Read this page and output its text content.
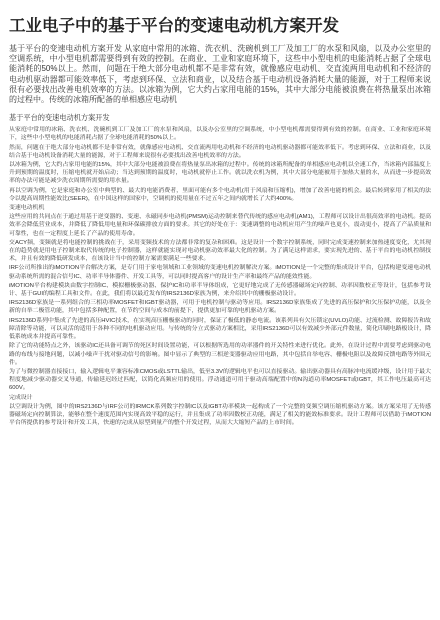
工业电子中的基于平台的变速电动机方案开发

基于平台的变速电动机方案开发 从家庭中常用的冰箱、洗衣机、洗碗机到工厂及加工厂的水泵和风扇，以及办公室里的空调系统，中小型电机都需要得到有效的控制。在商业、工业和家庭环境下，这些中小型电机的电能消耗占据了全球电能消耗的50%以上。然而，问题在于绝大部分电动机都不是非常有效，就像感应电动机、交直流两用电动机和不经济的电动机驱动器都可能效率低下，考虑到环保、立法和商业，以及结合基于电动机设备消耗大量的能源，对于工程师来说很有必要找出改善电机效率的方法。以冰箱为例，它大约占家用电能的15%，其中大部分电能被浪费在将热量泵出冰箱的过程中。传统的冰箱所配备的单相感应电动机

基于平台的变速电动机方案开发

从家庭中常用的冰箱、洗衣机、洗碗机到工厂及加工厂的水泵和风扇，以及办公室里的空调系统，中小型电机都需要得到有效的控制。在商业、工业和家庭环境下，这些中小型电机的电能消耗占据了全球电能消耗的50%以上。

然而，问题在于绝大部分电动机都不是非常有效，就像感应电动机、交直流两用电动机和不经济的电动机驱动器都可能效率低下。考虑到环保、立法和商业，以及结合基于电动机设备消耗大量的能源，对于工程师来说很有必要找出改善电机效率的方法。

以冰箱为例，它大约占家用电能的15%，其中大部分电能被浪费在将热量泵出冰箱的过程中。传统的冰箱所配备的单相感应电动机以全速工作，当冰箱内部温度上升到预期的温度时，压缩电机就开始启动；当达到预期的温度时，电动机就停止工作。就以洗衣机为例，其中大部分电能被用于加热大量的水，从而进一步提高效率的办法可能是减少洗衣周期所需要的用水量。

再以空调为例，它是家庭和办公室中典型的、最大的电能消费者，里面可能有多个电动机(用于风扇和压缩机)，增加了改善电能的机会。最后转到家用了相关的法令以提高周期性能效比(SEER)，在中国这样的国家中，空调机的使用量在不过五年之间内就增长了大约400%。

变速电动机机

这些应用的共同点在于通过用基于逆变器的、变速、永磁同步电动机(PMSM)运动控制来替代传统的感应电动机(AM1)，工程师可以设计出很高效率的电动机。提高效率会降低营业成本，并降低了降低用电量和环保碳排放方面的要求。其它的好处在于：变速调整的电动机应用产生的噪声也更小，震动更小，提高了产品质量和可靠性，也在一定程度上延长了产品的使用寿命。

交ACY频，变频就是将电能控制的挑战在于，采用变频技术的方法都非常的复杂和困难。这是设计一个数字控制系统，同时完成变速控制来加热速度变化，尤其现在的趋势就是用电子控制来取代传统的电子控制器，这样就能实现对电动机驱动效率最大化的控制。为了满足这样需求，要实现先进的、基于平台的电动机控制技术，并且有效的降低研发成本，在该设计当中的控制方案需要满足一些要求。

IRF公司所推出的iMOTION平台解决方案，是专门用于家电领域和工业领域的变速电机控制解决方案。iMOTION是一个完整的集成设计平台，包括构建变速电动机驱动系统所需的混合信号IC、功率半导体器件、开发工具等，可以同时提高客户的设计生产率和最终产品的能效性能。

iMOTION平台构建模块由数字控制IC、模拟栅极驱动器、保护IC和功率半导体组成，它更好地完成了无传感器磁场定向控制、功率因数校正等设计，包括参考设计、基于GUI的编程工具和文件。在此，我们将以最近发布的IRS2136D家族为例，来介绍其中的栅极驱动设计。

IRS2136D家族是一系列组合的三相功率MOSFET和IGBT驱动器，可用于电机控制与驱动等应用。IRS2136D家族集成了先进的高压保护和欠压保护功能，以及全新的自举二极管功能，其中包括多种配置，在节约空间与成本的前提下，提供更加可靠的电机驱动方案。

IRS2136D系列中集成了先进的高压HVIC技术，在实现高压栅极驱动的同时，保证了极低的静态电流。该系列具有欠压锁定(UVLO)功能、过流检测、故障报告和故障清除等功能，可以灵活的适用于各种不同的电机驱动应用。与传统的分立式驱动方案相比，采用IRS2136D可以有效减少外部元件数量，简化印刷电路板设计，降低系统成本并提高可靠性。

除了它的功能特点之外，该驱动IC还具备可调节的死区时间设置功能，可以根据所选用的功率器件的开关特性来进行优化。此外，在设计过程中需要考虑到驱动电路的布线与接地问题，以减小噪声干扰对驱动信号的影响。图中显示了典型的三相逆变器驱动应用电路，其中包括自举电容、栅极电阻以及故障反馈电路等外围元件。

为了与微控制器直接接口，输入逻辑电平兼容标准CMOS或LSTTL输出，低至3.3V的逻辑电平也可以直接驱动。输出驱动器具有高脉冲电流缓冲级，设计用于最大程度地减少驱动器交叉导通，传输延迟经过匹配，以简化高频应用的使用。浮动通道可用于驱动高端配置中的N沟道功率MOSFET或IGBT，其工作电压最高可达600V。

完成设计

以空调设计为例，图中的IRS2136D与IRF公司的IRMCK系列数字控制IC以及IGBT功率模块一起构成了一个完整的变频空调压缩机驱动方案。该方案采用了无传感器磁场定向控制算法，能够在整个速度范围内实现高效平稳的运行，并且集成了功率因数校正功能，满足了相关的能效标准要求。设计工程师可以借助于iMOTION平台所提供的参考设计和开发工具，快速的完成从原型到量产的整个开发过程，从而大大缩短产品的上市时间。
